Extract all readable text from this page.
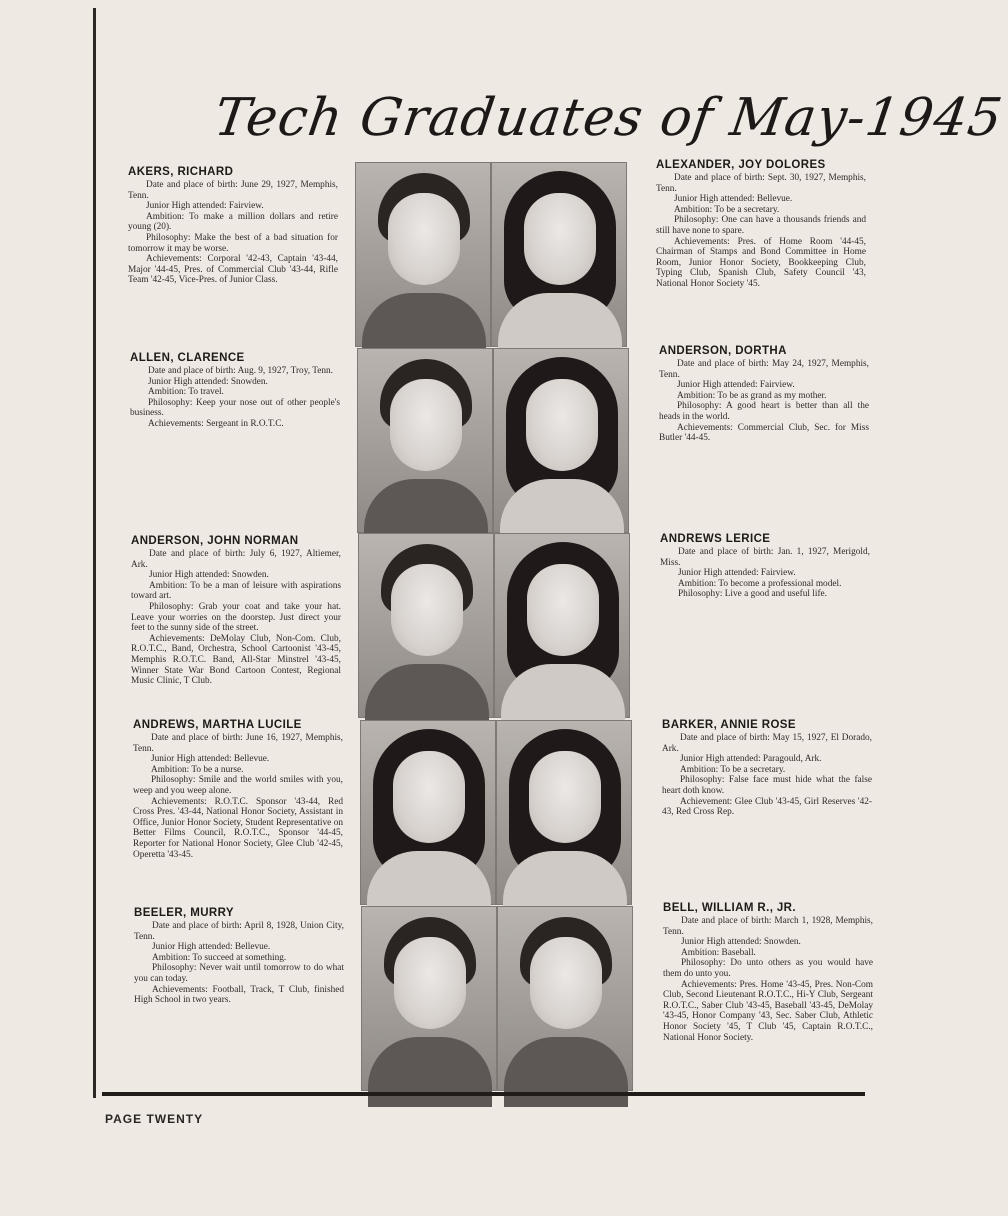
Tech Graduates of May-1945
AKERS, RICHARD

Date and place of birth: June 29, 1927, Memphis, Tenn.

Junior High attended: Fairview.

Ambition: To make a million dollars and retire young (20).

Philosophy: Make the best of a bad situation for tomorrow it may be worse.

Achievements: Corporal '42-43, Captain '43-44, Major '44-45, Pres. of Commercial Club '43-44, Rifle Team '42-45, Vice-Pres. of Junior Class.

ALEXANDER, JOY DOLORES

Date and place of birth: Sept. 30, 1927, Memphis, Tenn.

Junior High attended: Bellevue.

Ambition: To be a secretary.

Philosophy: One can have a thousands friends and still have none to spare.

Achievements: Pres. of Home Room '44-45, Chairman of Stamps and Bond Committee in Home Room, Junior Honor Society, Bookkeeping Club, Typing Club, Spanish Club, Safety Council '43, National Honor Society '45.

ALLEN, CLARENCE

Date and place of birth: Aug. 9, 1927, Troy, Tenn.

Junior High attended: Snowden.

Ambition: To travel.

Philosophy: Keep your nose out of other people's business.

Achievements: Sergeant in R.O.T.C.

ANDERSON, DORTHA

Date and place of birth: May 24, 1927, Memphis, Tenn.

Junior High attended: Fairview.

Ambition: To be as grand as my mother.

Philosophy: A good heart is better than all the heads in the world.

Achievements: Commercial Club, Sec. for Miss Butler '44-45.

ANDERSON, JOHN NORMAN

Date and place of birth: July 6, 1927, Altiemer, Ark.

Junior High attended: Snowden.

Ambition: To be a man of leisure with aspirations toward art.

Philosophy: Grab your coat and take your hat. Leave your worries on the doorstep. Just direct your feet to the sunny side of the street.

Achievements: DeMolay Club, Non-Com. Club, R.O.T.C., Band, Orchestra, School Cartoonist '43-45, Memphis R.O.T.C. Band, All-Star Minstrel '43-45, Winner State War Bond Cartoon Contest, Regional Music Clinic, T Club.

ANDREWS LERICE

Date and place of birth: Jan. 1, 1927, Merigold, Miss.

Junior High attended: Fairview.

Ambition: To become a professional model.

Philosophy: Live a good and useful life.

ANDREWS, MARTHA LUCILE

Date and place of birth: June 16, 1927, Memphis, Tenn.

Junior High attended: Bellevue.

Ambition: To be a nurse.

Philosophy: Smile and the world smiles with you, weep and you weep alone.

Achievements: R.O.T.C. Sponsor '43-44, Red Cross Pres. '43-44, National Honor Society, Assistant in Office, Junior Honor Society, Student Representative on Better Films Council, R.O.T.C., Sponsor '44-45, Reporter for National Honor Society, Glee Club '42-45, Operetta '43-45.

BARKER, ANNIE ROSE

Date and place of birth: May 15, 1927, El Dorado, Ark.

Junior High attended: Paragould, Ark.

Ambition: To be a secretary.

Philosophy: False face must hide what the false heart doth know.

Achievement: Glee Club '43-45, Girl Reserves '42-43, Red Cross Rep.

BEELER, MURRY

Date and place of birth: April 8, 1928, Union City, Tenn.

Junior High attended: Bellevue.

Ambition: To succeed at something.

Philosophy: Never wait until tomorrow to do what you can today.

Achievements: Football, Track, T Club, finished High School in two years.

BELL, WILLIAM R., JR.

Date and place of birth: March 1, 1928, Memphis, Tenn.

Junior High attended: Snowden.

Ambition: Baseball.

Philosophy: Do unto others as you would have them do unto you.

Achievements: Pres. Home '43-45, Pres. Non-Com Club, Second Lieutenant R.O.T.C., Hi-Y Club, Sergeant R.O.T.C., Saber Club '43-45, Baseball '43-45, DeMolay '43-45, Honor Company '43, Sec. Saber Club, Athletic Honor Society '45, T Club '45, Captain R.O.T.C., National Honor Society.

PAGE TWENTY
